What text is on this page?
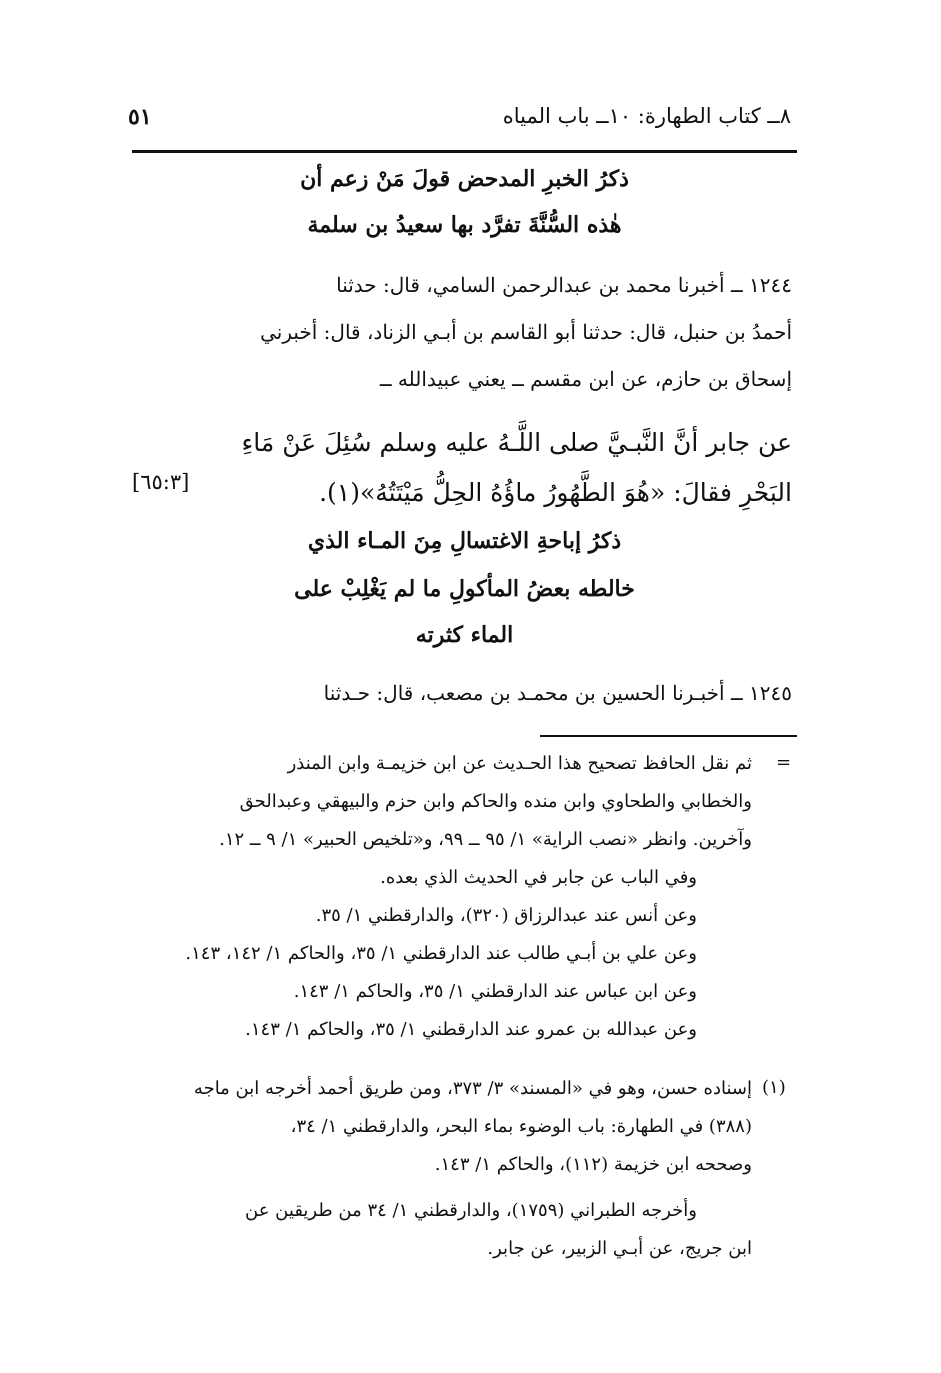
٨ــ كتاب الطهارة: ١٠ــ باب المياه
٥١
ذكرُ الخبرِ المدحض قولَ مَنْ زعم أن
هٰذه السُّنَّةَ تفرَّد بها سعيدُ بن سلمة
١٢٤٤ ــ أخبرنا محمد بن عبدالرحمن السامي، قال: حدثنا
أحمدُ بن حنبل، قال: حدثنا أبو القاسم بن أبـي الزناد، قال: أخبرني
إسحاق بن حازم، عن ابن مقسم ــ يعني عبيدالله ــ
عن جابر أنَّ النَّبـيَّ صلى اللَّـهُ عليه وسلم سُئِلَ عَنْ مَاءِ
البَحْرِ فقالَ: «هُوَ الطَّهُورُ ماؤُهُ الحِلُّ مَيْتَتُهُ»(١).
[٦٥:٣]
ذكرُ إباحةِ الاغتسالِ مِنَ المـاء الذي
خالطه بعضُ المأكولِ ما لم يَغْلِبْ على
الماء كثرته
١٢٤٥ ــ أخبـرنا الحسين بن محمـد بن مصعب، قال: حـدثنا
=
ثم نقل الحافظ تصحيح هذا الحـديث عن ابن خزيمـة وابن المنذر
والخطابي والطحاوي وابن منده والحاكم وابن حزم والبيهقي وعبدالحق
وآخرين. وانظر «نصب الراية» ١/ ٩٥ ــ ٩٩، و«تلخيص الحبير» ١/ ٩ ــ ١٢.
وفي الباب عن جابر في الحديث الذي بعده.
وعن أنس عند عبدالرزاق (٣٢٠)، والدارقطني ١/ ٣٥.
وعن علي بن أبـي طالب عند الدارقطني ١/ ٣٥، والحاكم ١/ ١٤٢، ١٤٣.
وعن ابن عباس عند الدارقطني ١/ ٣٥، والحاكم ١/ ١٤٣.
وعن عبدالله بن عمرو عند الدارقطني ١/ ٣٥، والحاكم ١/ ١٤٣.
(١)
إسناده حسن، وهو في «المسند» ٣/ ٣٧٣، ومن طريق أحمد أخرجه ابن ماجه
(٣٨٨) في الطهارة: باب الوضوء بماء البحر، والدارقطني ١/ ٣٤،
وصححه ابن خزيمة (١١٢)، والحاكم ١/ ١٤٣.
وأخرجه الطبراني (١٧٥٩)، والدارقطني ١/ ٣٤ من طريقين عن
ابن جريج، عن أبـي الزبير، عن جابر.
